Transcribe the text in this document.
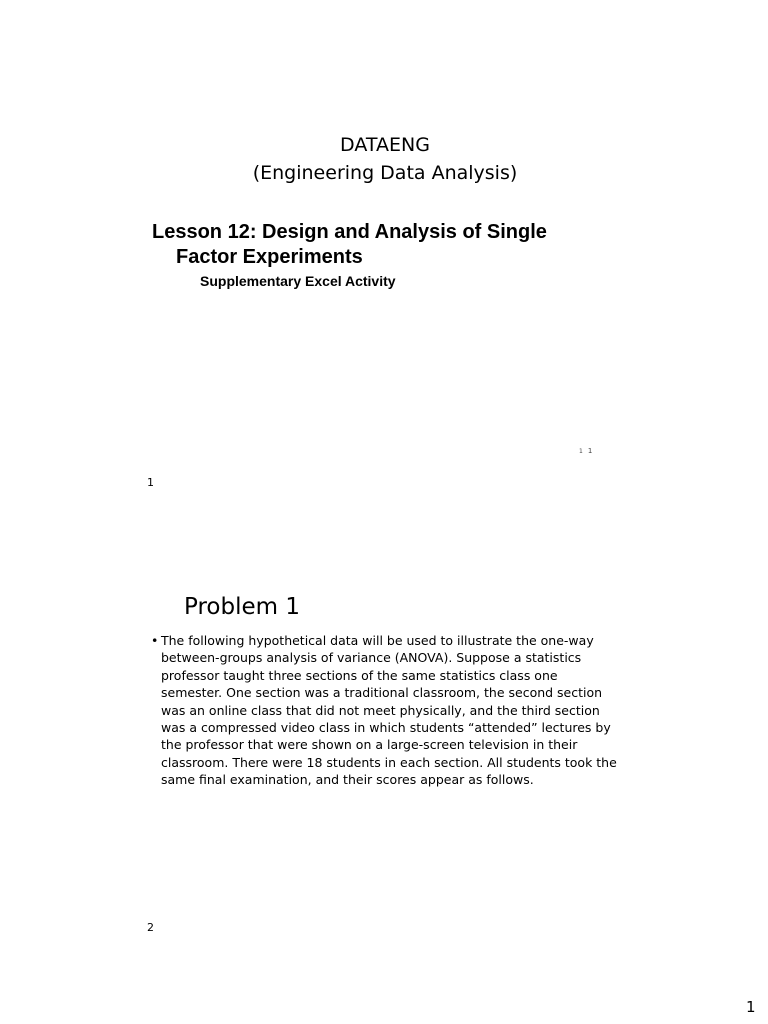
DATAENG
(Engineering Data Analysis)
Lesson 12: Design and Analysis of Single
Factor Experiments
Supplementary Excel Activity
1 1
1
Problem 1
• The following hypothetical data will be used to illustrate the one-way between-groups analysis of variance (ANOVA). Suppose a statistics professor taught three sections of the same statistics class one semester. One section was a traditional classroom, the second section was an online class that did not meet physically, and the third section was a compressed video class in which students “attended” lectures by the professor that were shown on a large-screen television in their classroom. There were 18 students in each section. All students took the same final examination, and their scores appear as follows.
2
1
